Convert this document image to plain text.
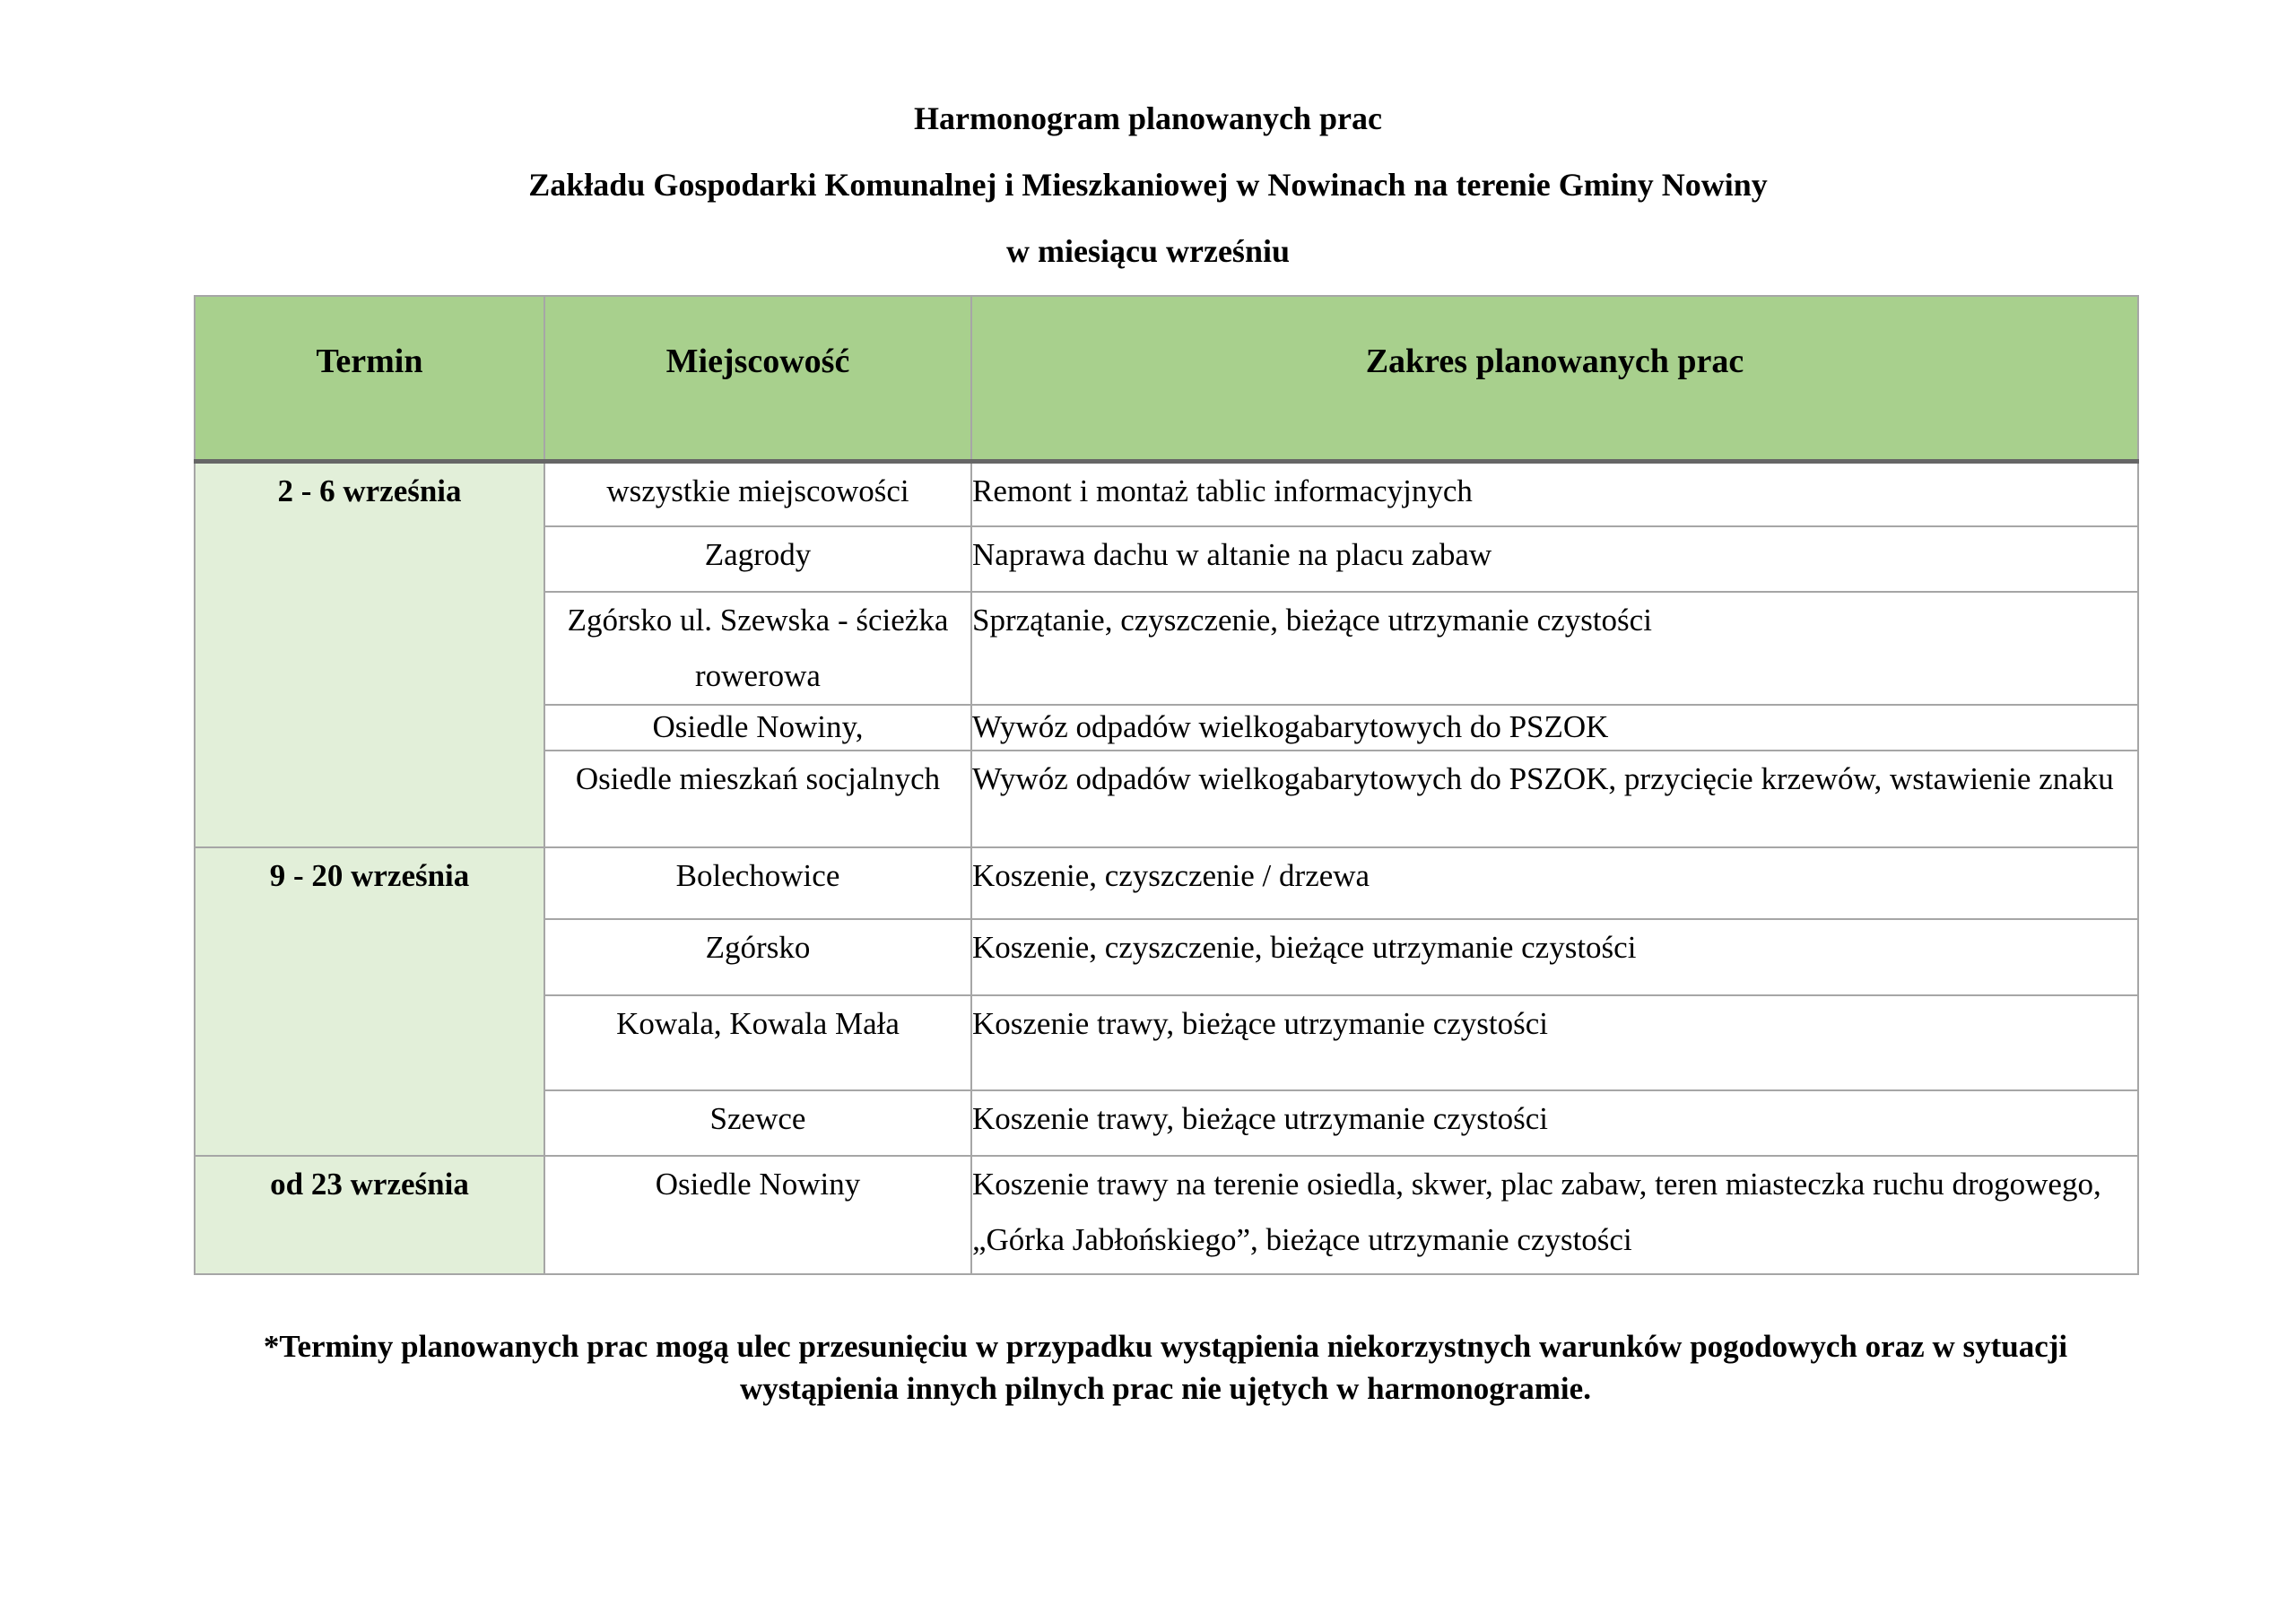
Harmonogram planowanych prac
Zakładu Gospodarki Komunalnej i Mieszkaniowej w Nowinach na terenie Gminy Nowiny
w miesiącu wrześniu
Termin	Miejscowość	Zakres planowanych prac
2 - 6 września	wszystkie miejscowości	Remont i montaż tablic informacyjnych
	Zagrody	Naprawa dachu w altanie na placu zabaw
	Zgórsko ul. Szewska - ścieżka rowerowa	Sprzątanie, czyszczenie, bieżące utrzymanie czystości
	Osiedle Nowiny,	Wywóz odpadów wielkogabarytowych do PSZOK
	Osiedle mieszkań socjalnych	Wywóz odpadów wielkogabarytowych do PSZOK, przycięcie krzewów, wstawienie znaku
9 - 20 września	Bolechowice	Koszenie, czyszczenie / drzewa
	Zgórsko	Koszenie, czyszczenie, bieżące utrzymanie czystości
	Kowala, Kowala Mała	Koszenie trawy, bieżące utrzymanie czystości
	Szewce	Koszenie trawy, bieżące utrzymanie czystości
od 23 września	Osiedle Nowiny	Koszenie trawy na terenie osiedla, skwer, plac zabaw, teren miasteczka ruchu drogowego, „Górka Jabłońskiego”, bieżące utrzymanie czystości
*Terminy planowanych prac mogą ulec przesunięciu w przypadku wystąpienia niekorzystnych warunków pogodowych oraz w sytuacji wystąpienia innych pilnych prac nie ujętych w harmonogramie.
